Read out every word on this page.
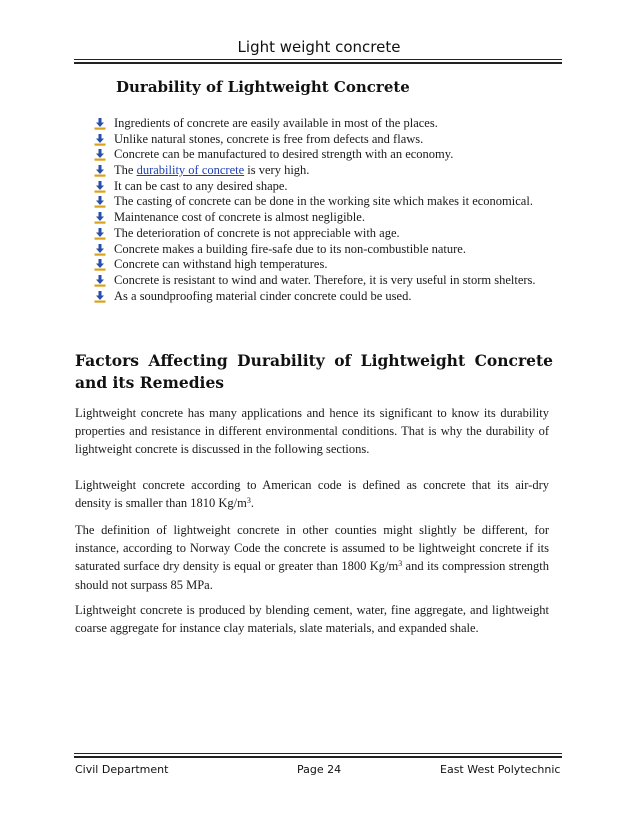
Light weight concrete
Durability of Lightweight Concrete
Ingredients of concrete are easily available in most of the places.
Unlike natural stones, concrete is free from defects and flaws.
Concrete can be manufactured to desired strength with an economy.
The durability of concrete is very high.
It can be cast to any desired shape.
The casting of concrete can be done in the working site which makes it economical.
Maintenance cost of concrete is almost negligible.
The deterioration of concrete is not appreciable with age.
Concrete makes a building fire-safe due to its non-combustible nature.
Concrete can withstand high temperatures.
Concrete is resistant to wind and water. Therefore, it is very useful in storm shelters.
As a soundproofing material cinder concrete could be used.
Factors Affecting Durability of Lightweight Concrete and its Remedies

Lightweight concrete has many applications and hence its significant to know its durability properties and resistance in different environmental conditions. That is why the durability of lightweight concrete is discussed in the following sections.

Lightweight concrete according to American code is defined as concrete that its air-dry density is smaller than 1810 $Kg/m^3$.

The definition of lightweight concrete in other counties might slightly be different, for instance, according to Norway Code the concrete is assumed to be lightweight concrete if its saturated surface dry density is equal or greater than 1800 $Kg/m^3$ and its compression strength should not surpass 85 MPa.

Lightweight concrete is produced by blending cement, water, fine aggregate, and lightweight coarse aggregate for instance clay materials, slate materials, and expanded shale.

Civil Department	Page 24	East West Polytechnic
